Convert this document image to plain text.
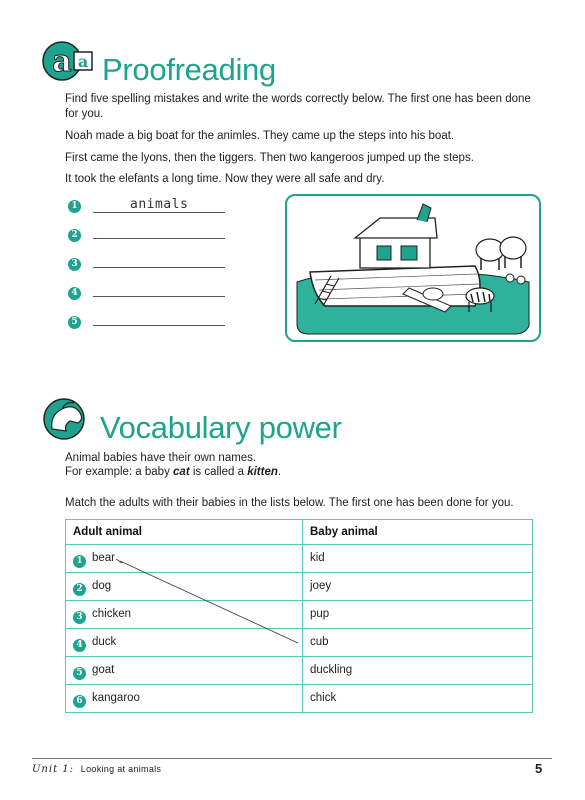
a a Proofreading
Find five spelling mistakes and write the words correctly below. The first one has been done for you.
Noah made a big boat for the animles. They came up the steps into his boat.
First came the lyons, then the tiggers. Then two kangeroos jumped up the steps.
It took the elefants a long time. Now they were all safe and dry.
1	animals
2
3
4
5
Vocabulary power
Animal babies have their own names.
For example: a baby cat is called a kitten.
Match the adults with their babies in the lists below. The first one has been done for you.
Adult animal	Baby animal
1 bear	kid
2 dog	joey
3 chicken	pup
4 duck	cub
5 goat	duckling
6 kangaroo	chick
Unit 1: Looking at animals	5
